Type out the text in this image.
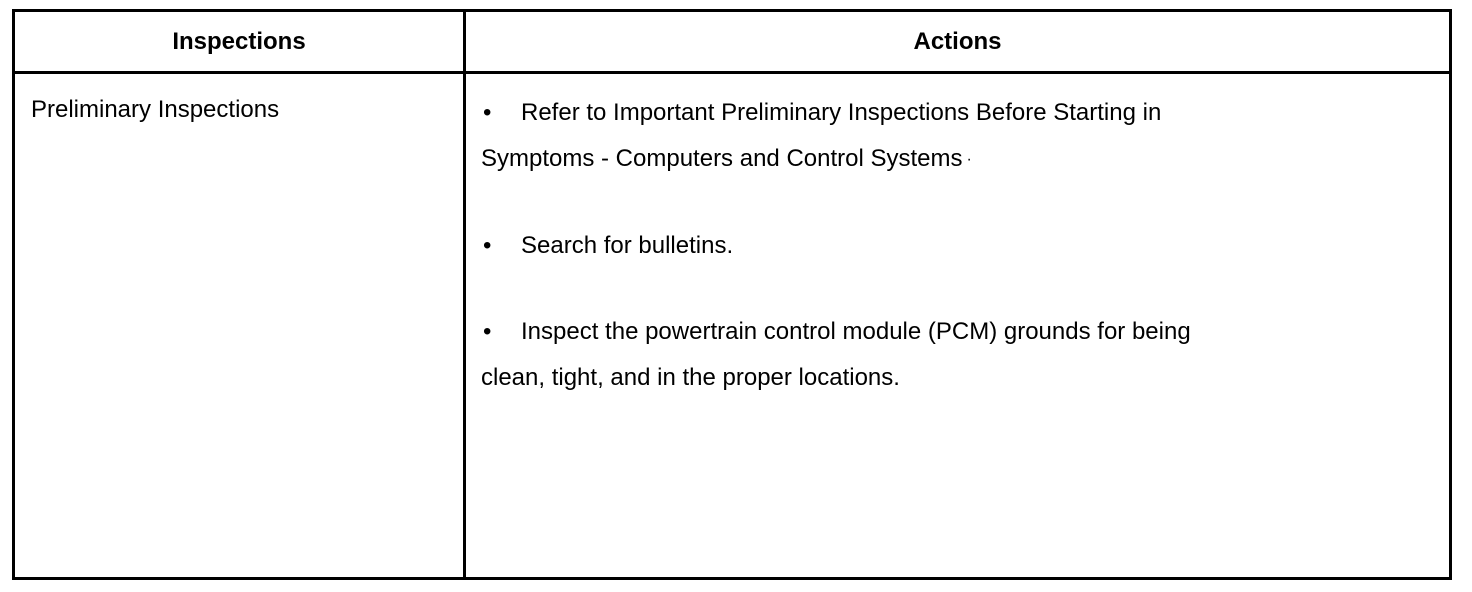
Inspections	Actions
Preliminary Inspections	• Refer to Important Preliminary Inspections Before Starting in
Symptoms - Computers and Control Systems ·
• Search for bulletins.
• Inspect the powertrain control module (PCM) grounds for being
clean, tight, and in the proper locations.
